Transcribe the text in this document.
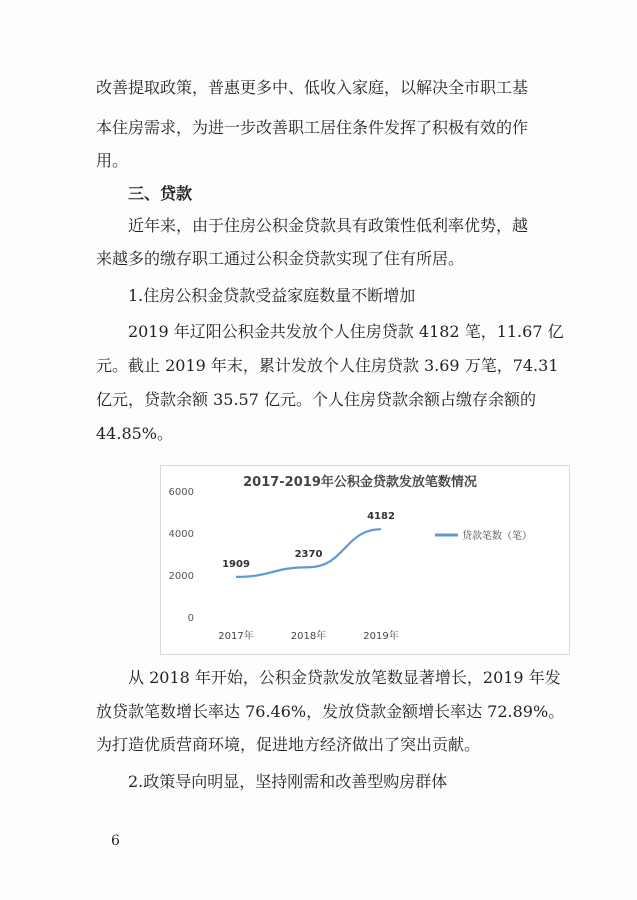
改善提取政策，普惠更多中、低收入家庭，以解决全市职工基
本住房需求，为进一步改善职工居住条件发挥了积极有效的作
用。
三、贷款
近年来，由于住房公积金贷款具有政策性低利率优势，越
来越多的缴存职工通过公积金贷款实现了住有所居。
1.住房公积金贷款受益家庭数量不断增加
2019 年辽阳公积金共发放个人住房贷款 4182 笔，11.67 亿
元。截止 2019 年末，累计发放个人住房贷款 3.69 万笔，74.31
亿元，贷款余额 35.57 亿元。个人住房贷款余额占缴存余额的
44.85%。
2017-2019年公积金贷款发放笔数情况
0
2000
4000
6000
2017年	2018年	2019年
贷款笔数（笔）
1909
2370
4182
从 2018 年开始，公积金贷款发放笔数显著增长，2019 年发
放贷款笔数增长率达 76.46%，发放贷款金额增长率达 72.89%。
为打造优质营商环境，促进地方经济做出了突出贡献。
2.政策导向明显，坚持刚需和改善型购房群体
6
